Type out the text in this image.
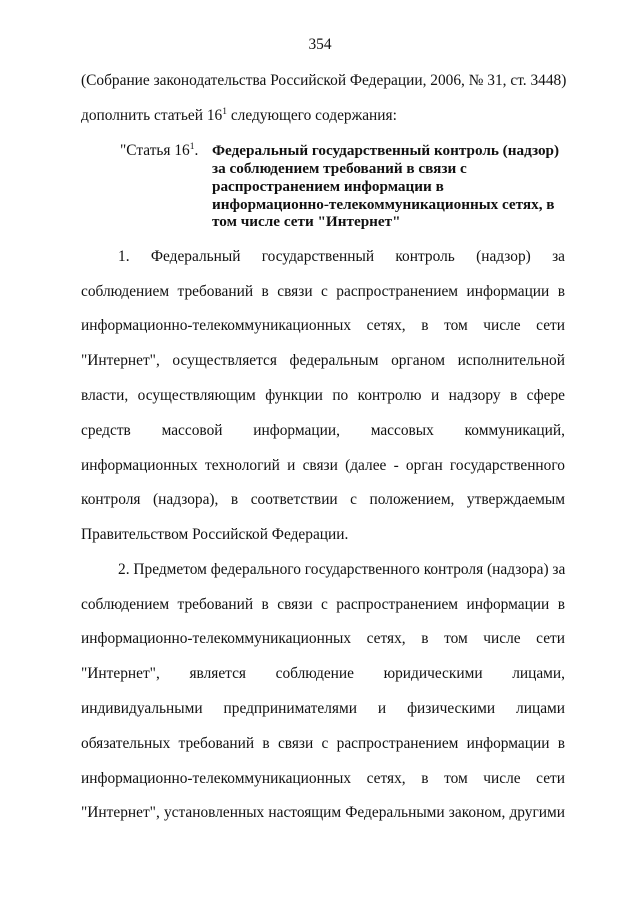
354
(Собрание законодательства Российской Федерации, 2006, № 31, ст. 3448)
дополнить статьей $16^1$ следующего содержания:
"Статья $16^1$. Федеральный государственный контроль (надзор)
за соблюдением требований в связи с
распространением информации в
информационно-телекоммуникационных сетях, в
том числе сети "Интернет"
1. Федеральный государственный контроль (надзор) за
соблюдением требований в связи с распространением информации в
информационно-телекоммуникационных сетях, в том числе сети
"Интернет", осуществляется федеральным органом исполнительной
власти, осуществляющим функции по контролю и надзору в сфере
средств массовой информации, массовых коммуникаций,
информационных технологий и связи (далее - орган государственного
контроля (надзора), в соответствии с положением, утверждаемым
Правительством Российской Федерации.
2. Предметом федерального государственного контроля (надзора) за
соблюдением требований в связи с распространением информации в
информационно-телекоммуникационных сетях, в том числе сети
"Интернет", является соблюдение юридическими лицами,
индивидуальными предпринимателями и физическими лицами
обязательных требований в связи с распространением информации в
информационно-телекоммуникационных сетях, в том числе сети
"Интернет", установленных настоящим Федеральными законом, другими
